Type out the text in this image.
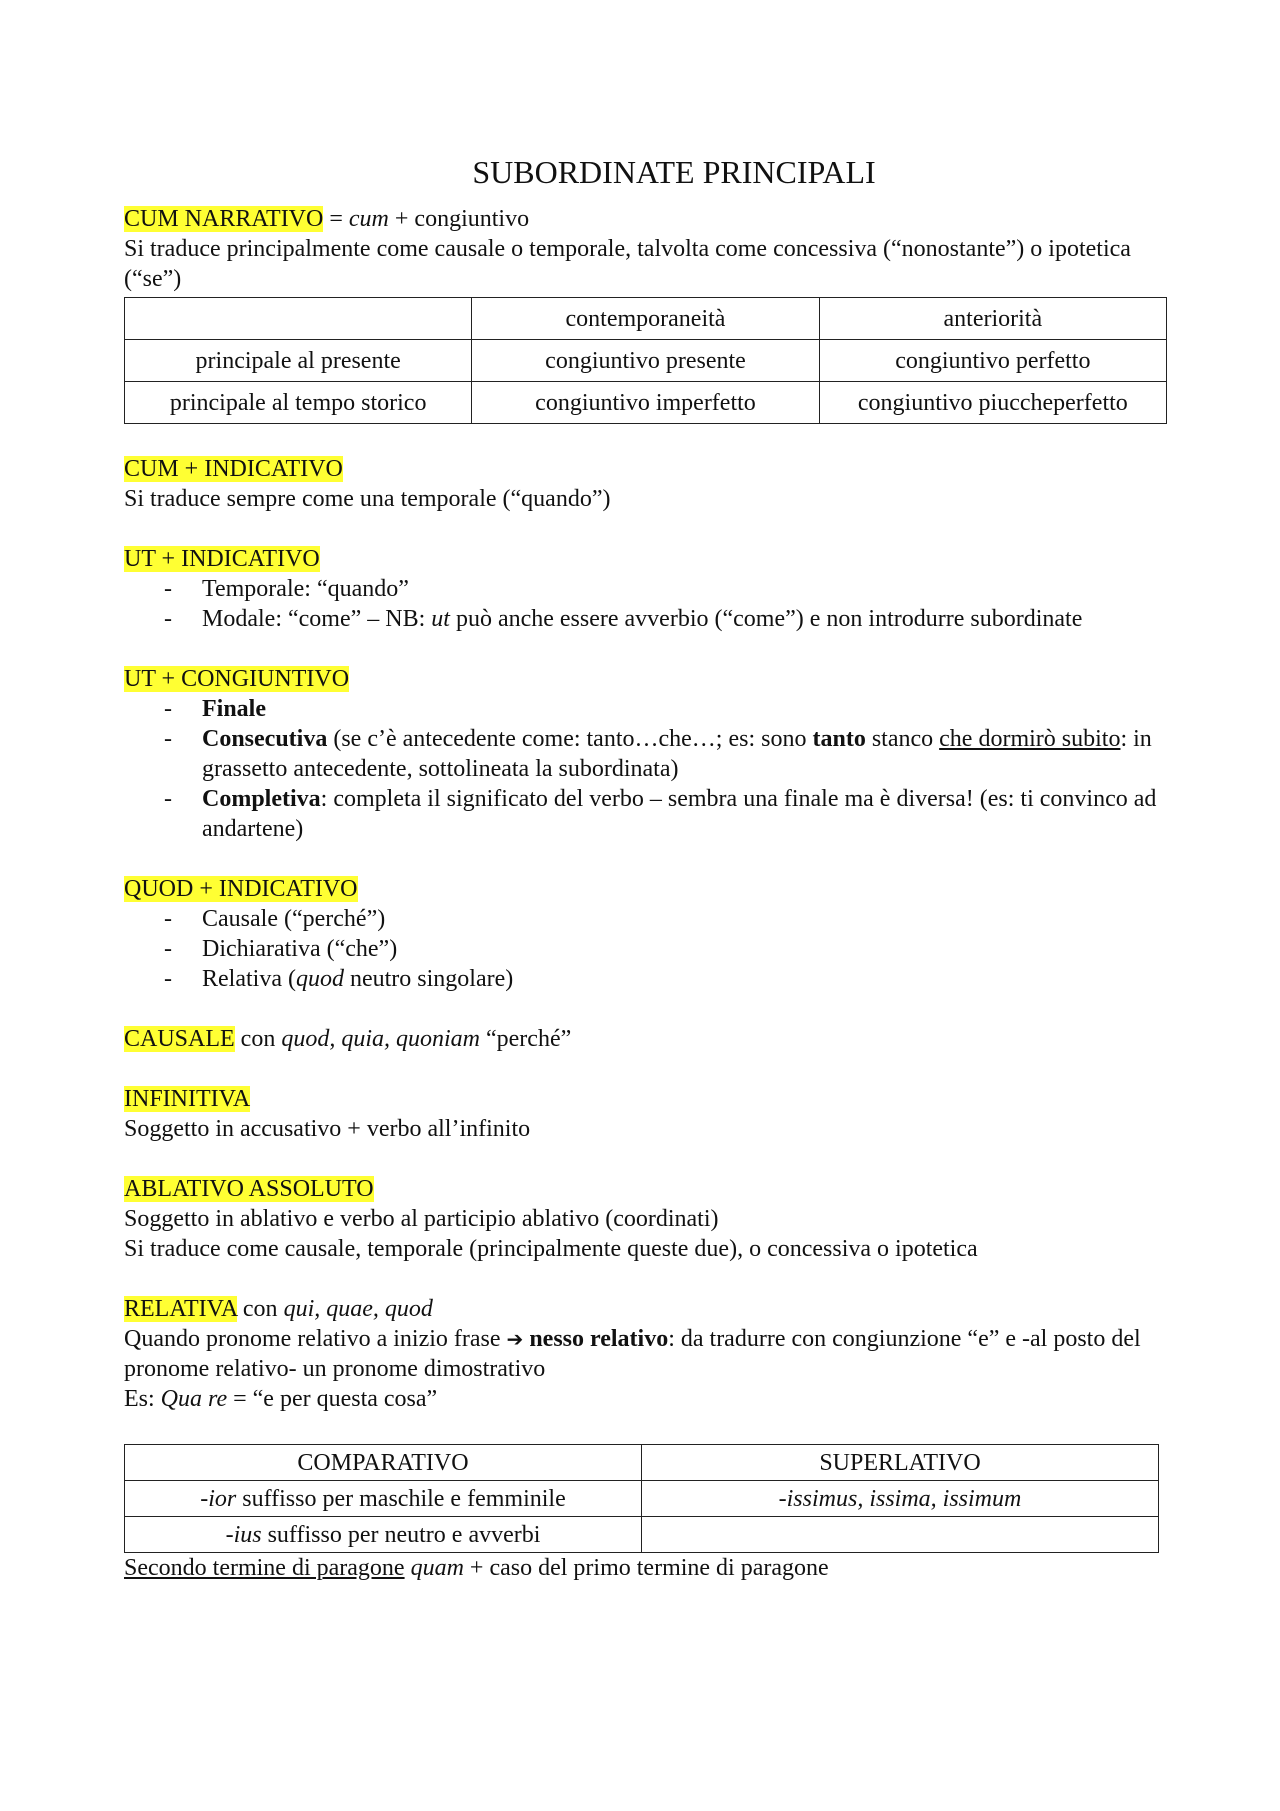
SUBORDINATE PRINCIPALI

CUM NARRATIVO = cum + congiuntivo

Si traduce principalmente come causale o temporale, talvolta come concessiva (“nonostante”) o ipotetica (“se”)

	contemporaneità	anteriorità
principale al presente	congiuntivo presente	congiuntivo perfetto
principale al tempo storico	congiuntivo imperfetto	congiuntivo piuccheperfetto

CUM + INDICATIVO

Si traduce sempre come una temporale (“quando”)

UT + INDICATIVO

- Temporale: “quando”
- Modale: “come” – NB: ut può anche essere avverbio (“come”) e non introdurre subordinate

UT + CONGIUNTIVO

- Finale
- Consecutiva (se c’è antecedente come: tanto…che…; es: sono tanto stanco che dormirò subito: in grassetto antecedente, sottolineata la subordinata)
- Completiva: completa il significato del verbo – sembra una finale ma è diversa! (es: ti convinco ad andartene)

QUOD + INDICATIVO

- Causale (“perché”)
- Dichiarativa (“che”)
- Relativa (quod neutro singolare)

CAUSALE con quod, quia, quoniam “perché”

INFINITIVA

Soggetto in accusativo + verbo all’infinito

ABLATIVO ASSOLUTO

Soggetto in ablativo e verbo al participio ablativo (coordinati)

Si traduce come causale, temporale (principalmente queste due), o concessiva o ipotetica

RELATIVA con qui, quae, quod

Quando pronome relativo a inizio frase ➔ nesso relativo: da tradurre con congiunzione “e” e -al posto del pronome relativo- un pronome dimostrativo

Es: Qua re = “e per questa cosa”

COMPARATIVO	SUPERLATIVO
-ior suffisso per maschile e femminile	-issimus, issima, issimum
-ius suffisso per neutro e avverbi	

Secondo termine di paragone quam + caso del primo termine di paragone
